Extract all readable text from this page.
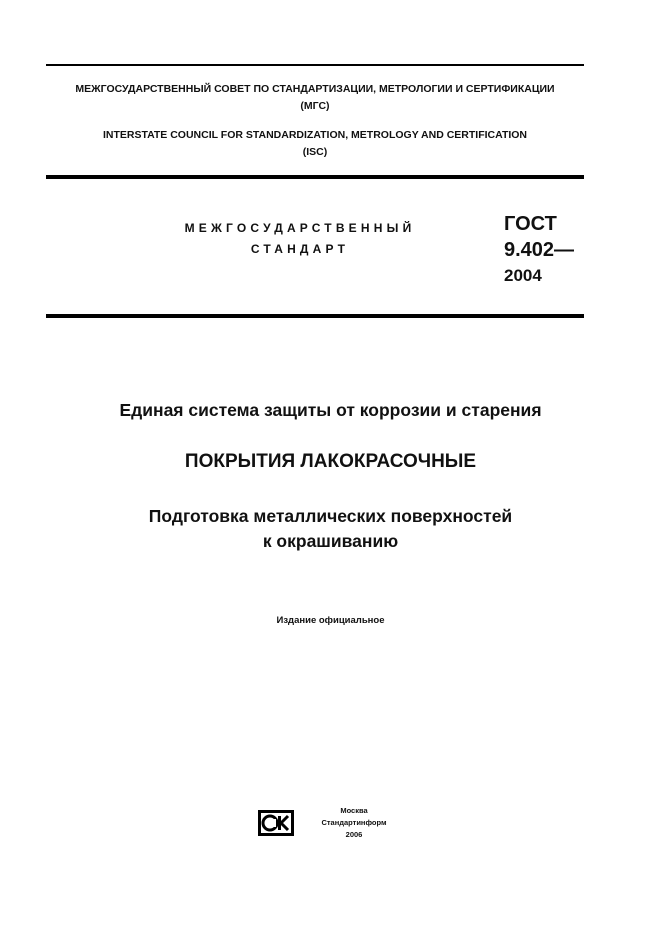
МЕЖГОСУДАРСТВЕННЫЙ СОВЕТ ПО СТАНДАРТИЗАЦИИ, МЕТРОЛОГИИ И СЕРТИФИКАЦИИ
(МГС)
INTERSTATE COUNCIL FOR STANDARDIZATION, METROLOGY AND CERTIFICATION
(ISC)
МЕЖГОСУДАРСТВЕННЫЙ
СТАНДАРТ
ГОСТ
9.402—
2004
Единая система защиты от коррозии и старения
ПОКРЫТИЯ ЛАКОКРАСОЧНЫЕ
Подготовка металлических поверхностей
к окрашиванию
Издание официальное
Москва
Стандартинформ
2006
